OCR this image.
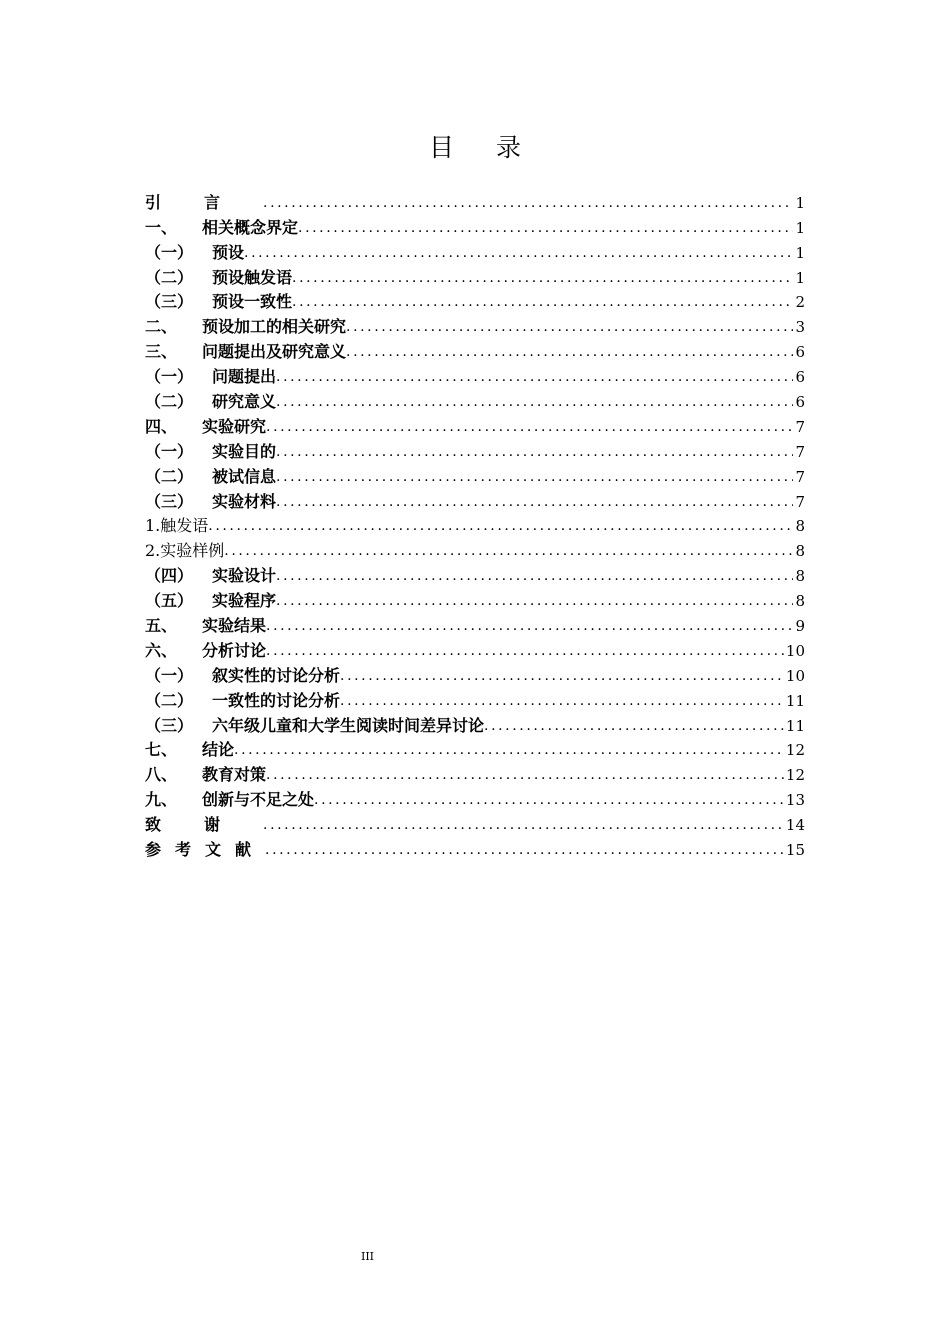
目录
引言 .....	1
一、	相关概念界定 .....	1
（一）	预设 .....	1
（二）	预设触发语 .....	1
（三）	预设一致性 .....	2
二、	预设加工的相关研究 .....	3
三、	问题提出及研究意义 .....	6
（一）	问题提出 .....	6
（二）	研究意义 .....	6
四、	实验研究 .....	7
（一）	实验目的 .....	7
（二）	被试信息 .....	7
（三）	实验材料 .....	7
1. 触发语 .....	8
2. 实验样例 .....	8
（四）	实验设计 .....	8
（五）	实验程序 .....	8
五、	实验结果 .....	9
六、	分析讨论 .....	10
（一）	叙实性的讨论分析 .....	10
（二）	一致性的讨论分析 .....	11
（三）	六年级儿童和大学生阅读时间差异讨论 .....	11
七、	结论 .....	12
八、	教育对策 .....	12
九、	创新与不足之处 .....	13
致谢 .....	14
参考文献 .....	15
III
